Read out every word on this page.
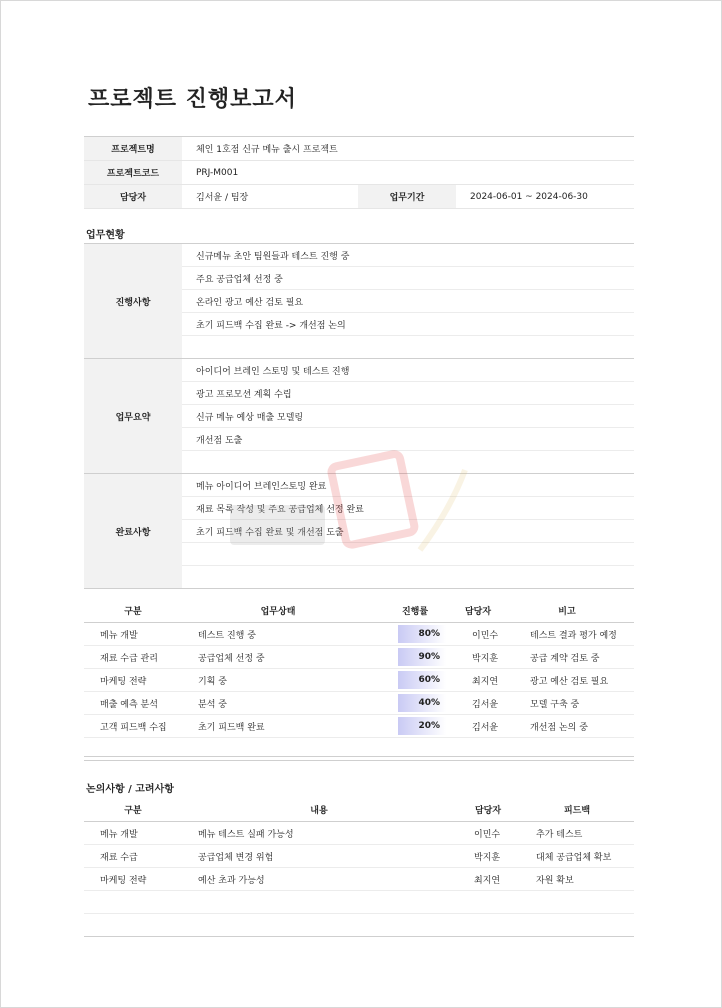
프로젝트 진행보고서
프로젝트명	체인 1호점 신규 메뉴 출시 프로젝트
프로젝트코드	PRJ-M001
담당자	김서윤 / 팀장	업무기간	2024-06-01 ~ 2024-06-30
업무현황
진행사항
신규메뉴 초안 팀원들과 테스트 진행 중
주요 공급업체 선정 중
온라인 광고 예산 검토 필요
초기 피드백 수집 완료 -> 개선점 논의
업무요약
아이디어 브레인 스토밍 및 테스트 진행
광고 프로모션 계획 수립
신규 메뉴 예상 매출 모델링
개선점 도출
완료사항
메뉴 아이디어 브레인스토밍 완료
재료 목록 작성 및 주요 공급업체 선정 완료
초기 피드백 수집 완료 및 개선점 도출
구분	업무상태	진행률	담당자	비고
메뉴 개발	테스트 진행 중	80%	이민수	테스트 결과 평가 예정
재료 수급 관리	공급업체 선정 중	90%	박지훈	공급 계약 검토 중
마케팅 전략	기획 중	60%	최지연	광고 예산 검토 필요
매출 예측 분석	분석 중	40%	김서윤	모델 구축 중
고객 피드백 수집	초기 피드백 완료	20%	김서윤	개선점 논의 중
논의사항 / 고려사항
구분	내용	담당자	피드백
메뉴 개발	메뉴 테스트 실패 가능성	이민수	추가 테스트
재료 수급	공급업체 변경 위험	박지훈	대체 공급업체 확보
마케팅 전략	예산 초과 가능성	최지연	자원 확보
